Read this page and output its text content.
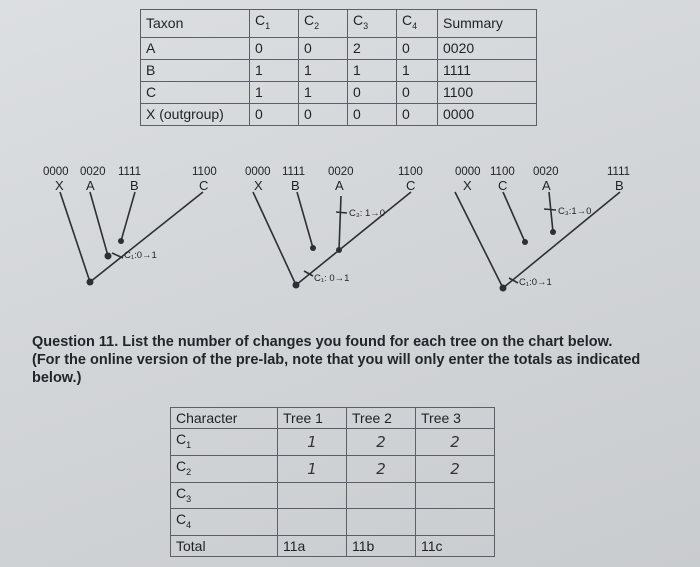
Taxon	$C_1$	$C_2$	$C_3$	$C_4$	Summary
A	0	0	2	0	0020
B	1	1	1	1	1111
C	1	1	0	0	1100
X (outgroup)	0	0	0	0	0000
0000 0020 1111	1100
X A	B	C
C₁:0→1
0000 1111 0020	1100
X B	A	C
C₃: 1→0
C₁: 0→1
0000 1100 0020	1111
X C	A	B
C₃:1→0
C₁:0→1
Question 11. List the number of changes you found for each tree on the chart below.
(For the online version of the pre-lab, note that you will only enter the totals as indicated below.)
Character	Tree 1	Tree 2	Tree 3
$C_1$	1	2	2
$C_2$	1	2	2
$C_3$			
$C_4$			
Total	11a	11b	11c
